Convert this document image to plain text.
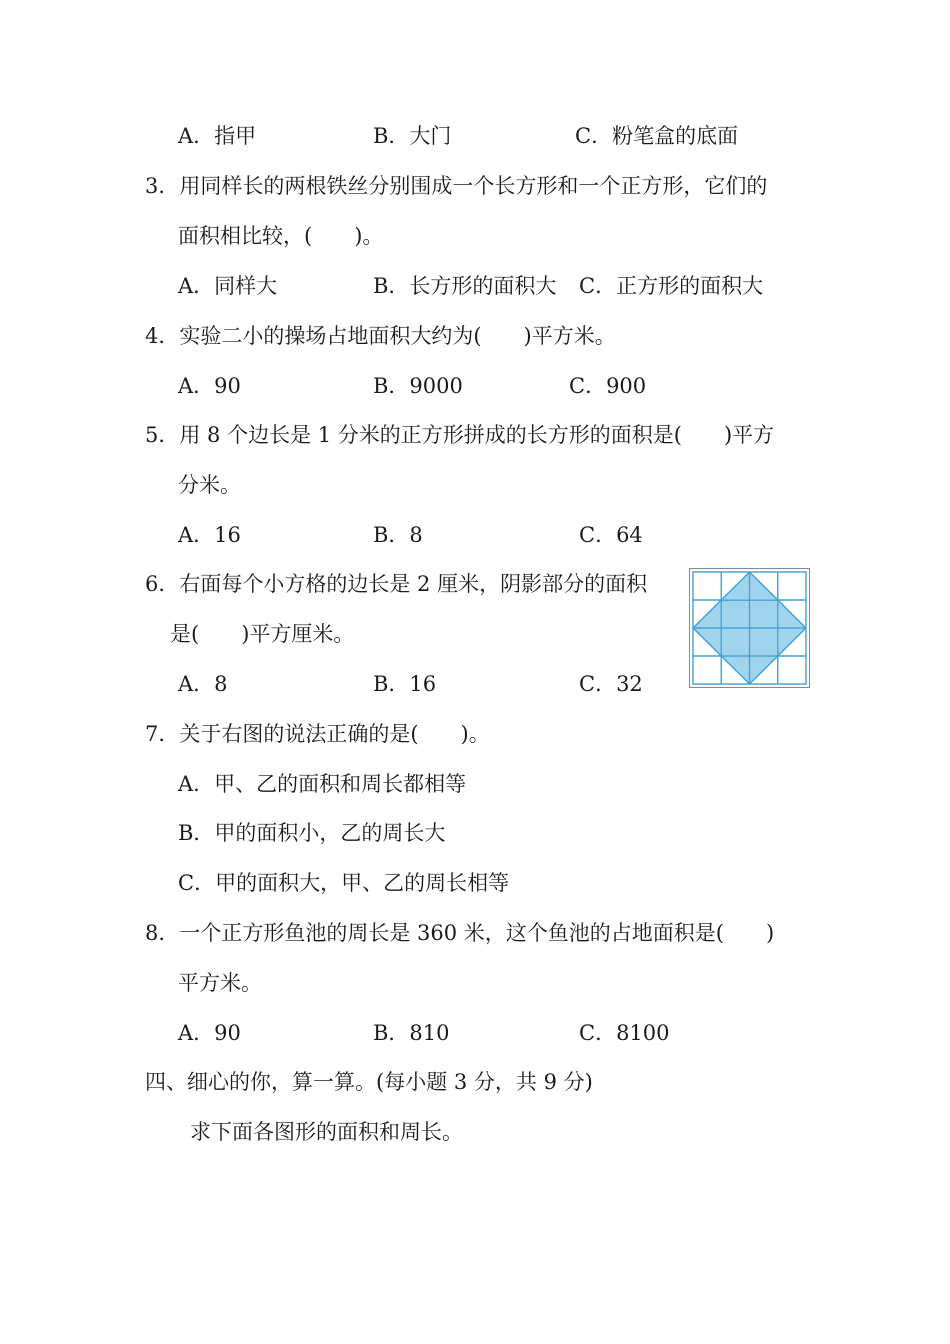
A．指甲	B．大门	C．粉笔盒的底面
3．用同样长的两根铁丝分别围成一个长方形和一个正方形，它们的
面积相比较，(　　)。
A．同样大	B．长方形的面积大 C．正方形的面积大
4．实验二小的操场占地面积大约为(　　)平方米。
A．90	B．9000	C．900
5．用 8 个边长是 1 分米的正方形拼成的长方形的面积是(　　)平方
分米。
A．16	B．8	C．64
6．右面每个小方格的边长是 2 厘米，阴影部分的面积
是(　　)平方厘米。
A．8	B．16	C．32
7．关于右图的说法正确的是(　　)。
A．甲、乙的面积和周长都相等
B．甲的面积小，乙的周长大
C．甲的面积大，甲、乙的周长相等
8．一个正方形鱼池的周长是 360 米，这个鱼池的占地面积是(　　)
平方米。
A．90	B．810	C．8100
四、细心的你，算一算。(每小题 3 分，共 9 分)
求下面各图形的面积和周长。
